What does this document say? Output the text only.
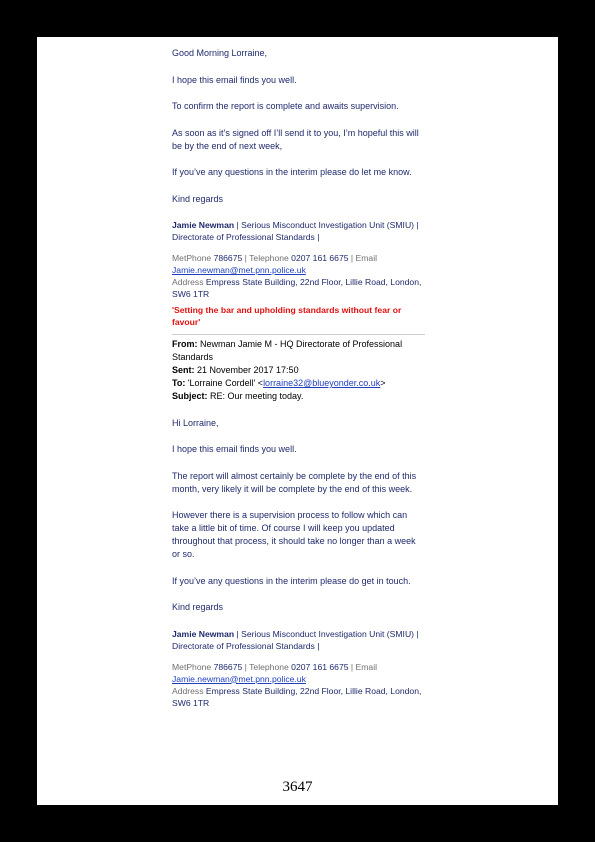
Good Morning Lorraine,

I hope this email finds you well.

To confirm the report is complete and awaits supervision.

As soon as it’s signed off I’ll send it to you, I’m hopeful this will be by the end of next week,

If you’ve any questions in the interim please do let me know.

Kind regards

Jamie Newman | Serious Misconduct Investigation Unit (SMIU) | Directorate of Professional Standards |

MetPhone 786675 | Telephone 0207 161 6675 | Email

Jamie.newman@met.pnn.police.uk

Address Empress State Building, 22nd Floor, Lillie Road, London, SW6 1TR

'Setting the bar and upholding standards without fear or favour'

From: Newman Jamie M - HQ Directorate of Professional Standards

Sent: 21 November 2017 17:50

To: 'Lorraine Cordell' <lorraine32@blueyonder.co.uk>

Subject: RE: Our meeting today.

Hi Lorraine,

I hope this email finds you well.

The report will almost certainly be complete by the end of this month, very likely it will be complete by the end of this week.

However there is a supervision process to follow which can take a little bit of time. Of course I will keep you updated throughout that process, it should take no longer than a week or so.

If you’ve any questions in the interim please do get in touch.

Kind regards

Jamie Newman | Serious Misconduct Investigation Unit (SMIU) | Directorate of Professional Standards |

MetPhone 786675 | Telephone 0207 161 6675 | Email

Jamie.newman@met.pnn.police.uk

Address Empress State Building, 22nd Floor, Lillie Road, London, SW6 1TR

3647
